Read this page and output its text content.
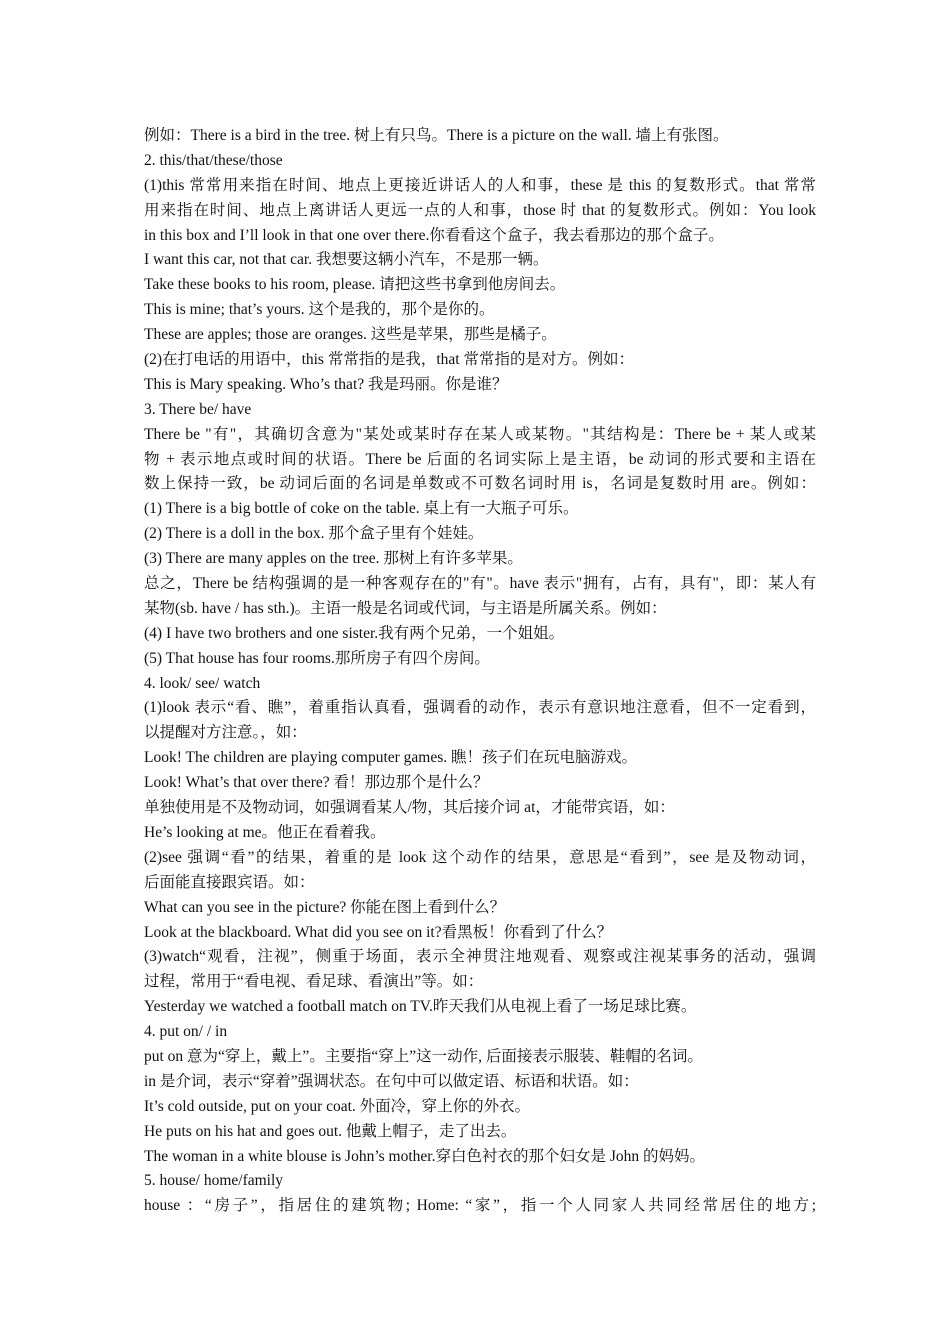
例如：There is a bird in the tree. 树上有只鸟。There is a picture on the wall. 墙上有张图。
2. this/that/these/those
(1)this 常常用来指在时间、地点上更接近讲话人的人和事，these 是 this 的复数形式。that 常常
用来指在时间、地点上离讲话人更远一点的人和事，those 时 that 的复数形式。例如：You look
in this box and I’ll look in that one over there.你看看这个盒子，我去看那边的那个盒子。
I want this car, not that car. 我想要这辆小汽车，不是那一辆。
Take these books to his room, please. 请把这些书拿到他房间去。
This is mine; that’s yours. 这个是我的，那个是你的。
These are apples; those are oranges. 这些是苹果，那些是橘子。
(2)在打电话的用语中，this 常常指的是我，that 常常指的是对方。例如：
This is Mary speaking. Who’s that? 我是玛丽。你是谁？
3. There be/ have
There be "有"，其确切含意为"某处或某时存在某人或某物。"其结构是：There be + 某人或某
物 + 表示地点或时间的状语。There be 后面的名词实际上是主语，be 动词的形式要和主语在
数上保持一致，be 动词后面的名词是单数或不可数名词时用 is，名词是复数时用 are。例如：
(1) There is a big bottle of coke on the table. 桌上有一大瓶子可乐。
(2) There is a doll in the box. 那个盒子里有个娃娃。
(3) There are many apples on the tree. 那树上有许多苹果。
总之，There be 结构强调的是一种客观存在的"有"。have 表示"拥有，占有，具有"，即：某人有
某物(sb. have / has sth.)。主语一般是名词或代词，与主语是所属关系。例如：
(4) I have two brothers and one sister.我有两个兄弟，一个姐姐。
(5) That house has four rooms.那所房子有四个房间。
4. look/ see/ watch
(1)look 表示“看、瞧”，着重指认真看，强调看的动作，表示有意识地注意看，但不一定看到，
以提醒对方注意。，如：
Look! The children are playing computer games. 瞧！孩子们在玩电脑游戏。
Look! What’s that over there? 看！那边那个是什么？
单独使用是不及物动词，如强调看某人/物，其后接介词 at，才能带宾语，如：
He’s looking at me。他正在看着我。
(2)see 强调“看”的结果，着重的是 look 这个动作的结果，意思是“看到”，see 是及物动词，
后面能直接跟宾语。如：
What can you see in the picture? 你能在图上看到什么？
Look at the blackboard. What did you see on it?看黑板！你看到了什么？
(3)watch“观看，注视”，侧重于场面，表示全神贯注地观看、观察或注视某事务的活动，强调
过程，常用于“看电视、看足球、看演出”等。如：
Yesterday we watched a football match on TV.昨天我们从电视上看了一场足球比赛。
4. put on/ / in
put on 意为“穿上，戴上”。主要指“穿上”这一动作, 后面接表示服装、鞋帽的名词。
in 是介词，表示“穿着”强调状态。在句中可以做定语、标语和状语。如：
It’s cold outside, put on your coat. 外面冷，穿上你的外衣。
He puts on his hat and goes out. 他戴上帽子，走了出去。
The woman in a white blouse is John’s mother.穿白色衬衣的那个妇女是 John 的妈妈。
5. house/ home/family
house ：“房子”，指居住的建筑物; Home: “家”，指一个人同家人共同经常居住的地方;
